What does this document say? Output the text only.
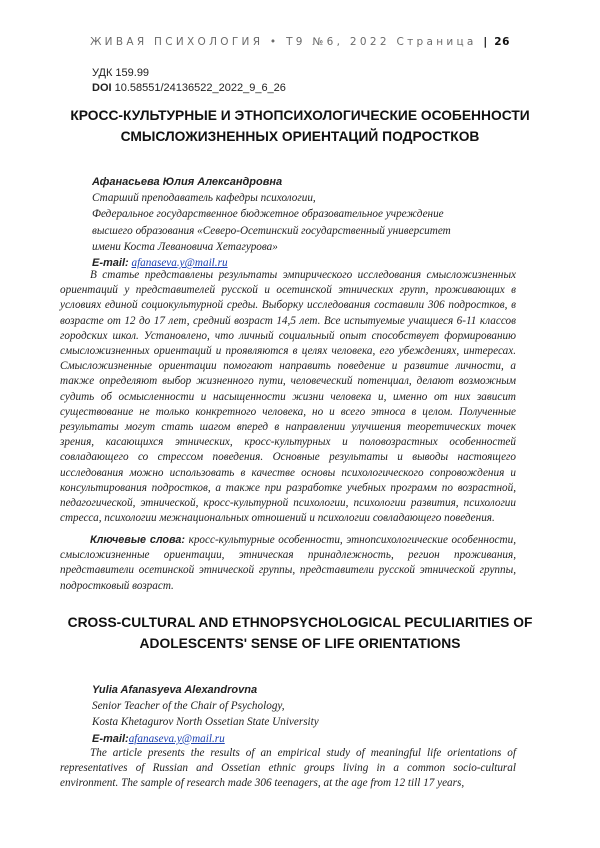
ЖИВАЯ ПСИХОЛОГИЯ • Т9 №6, 2022 Страница | 26
УДК 159.99
DOI 10.58551/24136522_2022_9_6_26
КРОСС-КУЛЬТУРНЫЕ И ЭТНОПСИХОЛОГИЧЕСКИЕ ОСОБЕННОСТИ СМЫСЛОЖИЗНЕННЫХ ОРИЕНТАЦИЙ ПОДРОСТКОВ
Афанасьева Юлия Александровна
Старший преподаватель кафедры психологии,
Федеральное государственное бюджетное образовательное учреждение
высшего образования «Северо-Осетинский государственный университет
имени Коста Левановича Хетагурова»
E-mail: afanaseva.y@mail.ru

В статье представлены результаты эмпирического исследования смысложизненных ориентаций у представителей русской и осетинской этнических групп, проживающих в условиях единой социокультурной среды. Выборку исследования составили 306 подростков, в возрасте от 12 до 17 лет, средний возраст 14,5 лет. Все испытуемые учащиеся 6-11 классов городских школ. Установлено, что личный социальный опыт способствует формированию смысложизненных ориентаций и проявляются в целях человека, его убеждениях, интересах. Смысложизненные ориентации помогают направить поведение и развитие личности, а также определяют выбор жизненного пути, человеческий потенциал, делают возможным судить об осмысленности и насыщенности жизни человека и, именно от них зависит существование не только конкретного человека, но и всего этноса в целом. Полученные результаты могут стать шагом вперед в направлении улучшения теоретических точек зрения, касающихся этнических, кросс-культурных и половозрастных особенностей совладающего со стрессом поведения. Основные результаты и выводы настоящего исследования можно использовать в качестве основы психологического сопровождения и консультирования подростков, а также при разработке учебных программ по возрастной, педагогической, этнической, кросс-культурной психологии, психологии развития, психологии стресса, психологии межнациональных отношений и психологии совладающего поведения.

Ключевые слова: кросс-культурные особенности, этнопсихологические особенности, смысложизненные ориентации, этническая принадлежность, регион проживания, представители осетинской этнической группы, представители русской этнической группы, подростковый возраст.

CROSS-CULTURAL AND ETHNOPSYCHOLOGICAL PECULIARITIES OF ADOLESCENTS' SENSE OF LIFE ORIENTATIONS
Yulia Afanasyeva Alexandrovna
Senior Teacher of the Chair of Psychology,
Kosta Khetagurov North Ossetian State University
E-mail:afanaseva.y@mail.ru

The article presents the results of an empirical study of meaningful life orientations of representatives of Russian and Ossetian ethnic groups living in a common socio-cultural environment. The sample of research made 306 teenagers, at the age from 12 till 17 years,
